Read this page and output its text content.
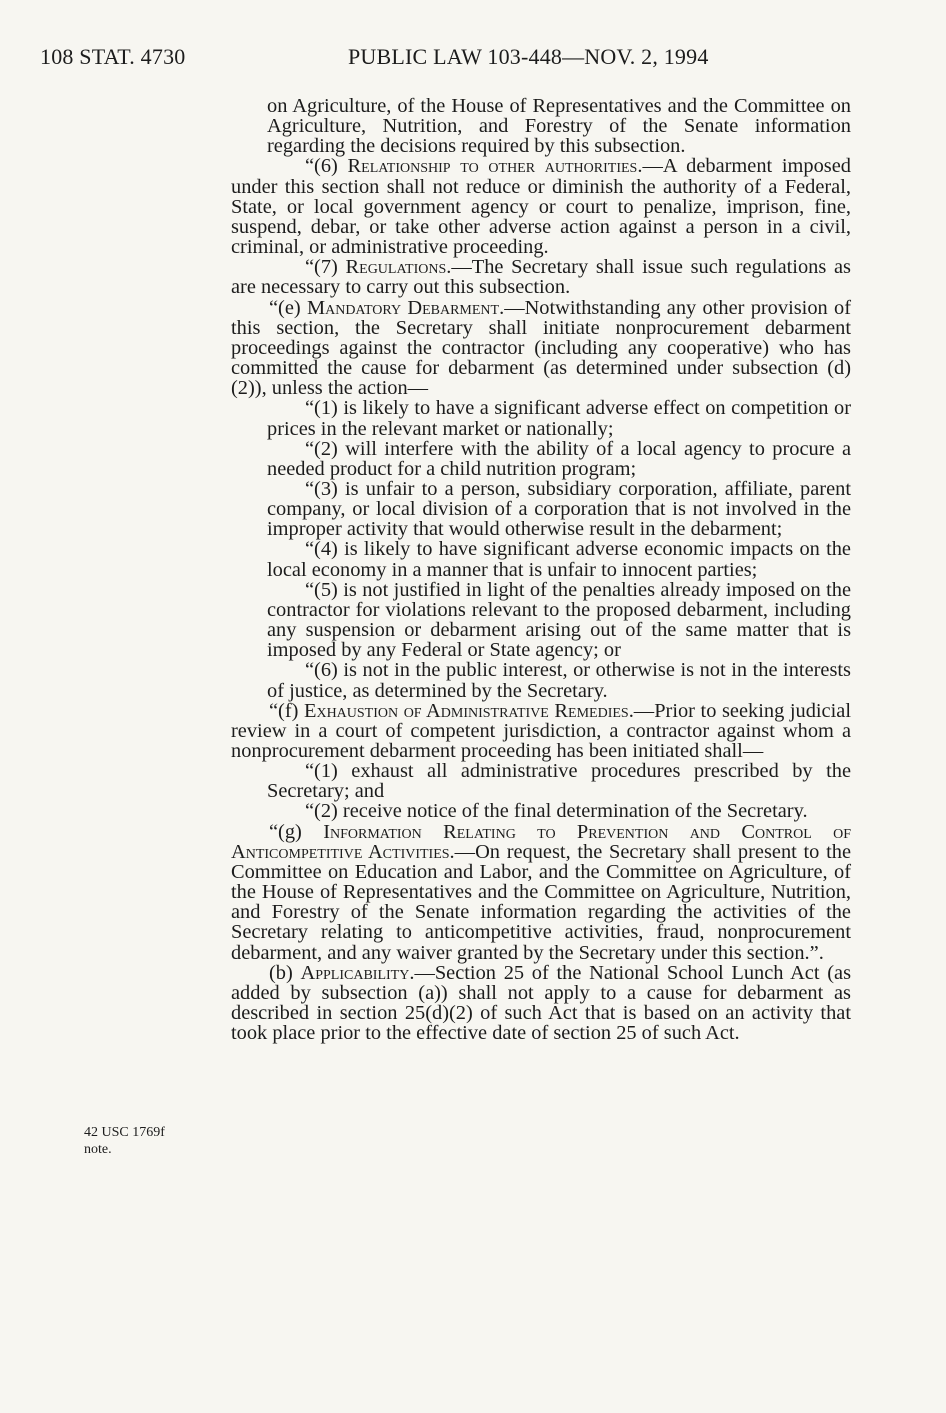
108 STAT. 4730	PUBLIC LAW 103-448—NOV. 2, 1994

on Agriculture, of the House of Representatives and the Committee on Agriculture, Nutrition, and Forestry of the Senate information regarding the decisions required by this subsection.

“(6) Relationship to other authorities.—A debarment imposed under this section shall not reduce or diminish the authority of a Federal, State, or local government agency or court to penalize, imprison, fine, suspend, debar, or take other adverse action against a person in a civil, criminal, or administrative proceeding.

“(7) Regulations.—The Secretary shall issue such regulations as are necessary to carry out this subsection.

“(e) Mandatory Debarment.—Notwithstanding any other provision of this section, the Secretary shall initiate nonprocurement debarment proceedings against the contractor (including any cooperative) who has committed the cause for debarment (as determined under subsection (d)(2)), unless the action—

“(1) is likely to have a significant adverse effect on competition or prices in the relevant market or nationally;

“(2) will interfere with the ability of a local agency to procure a needed product for a child nutrition program;

“(3) is unfair to a person, subsidiary corporation, affiliate, parent company, or local division of a corporation that is not involved in the improper activity that would otherwise result in the debarment;

“(4) is likely to have significant adverse economic impacts on the local economy in a manner that is unfair to innocent parties;

“(5) is not justified in light of the penalties already imposed on the contractor for violations relevant to the proposed debarment, including any suspension or debarment arising out of the same matter that is imposed by any Federal or State agency; or

“(6) is not in the public interest, or otherwise is not in the interests of justice, as determined by the Secretary.

“(f) Exhaustion of Administrative Remedies.—Prior to seeking judicial review in a court of competent jurisdiction, a contractor against whom a nonprocurement debarment proceeding has been initiated shall—

“(1) exhaust all administrative procedures prescribed by the Secretary; and

“(2) receive notice of the final determination of the Secretary.

“(g) Information Relating to Prevention and Control of Anticompetitive Activities.—On request, the Secretary shall present to the Committee on Education and Labor, and the Committee on Agriculture, of the House of Representatives and the Committee on Agriculture, Nutrition, and Forestry of the Senate information regarding the activities of the Secretary relating to anticompetitive activities, fraud, nonprocurement debarment, and any waiver granted by the Secretary under this section.”.

(b) Applicability.—Section 25 of the National School Lunch Act (as added by subsection (a)) shall not apply to a cause for debarment as described in section 25(d)(2) of such Act that is based on an activity that took place prior to the effective date of section 25 of such Act.

42 USC 1769f
note.
